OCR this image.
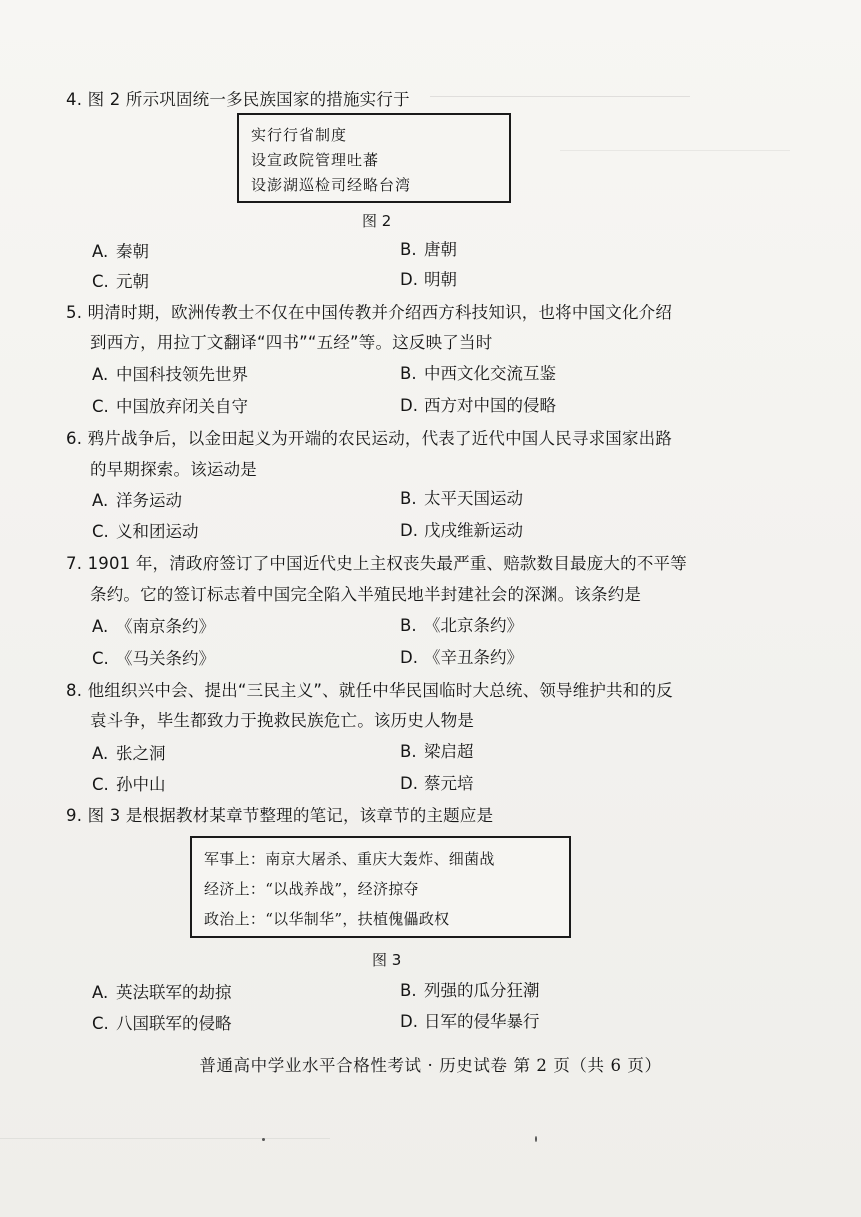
4. 图 2 所示巩固统一多民族国家的措施实行于
实行行省制度
设宣政院管理吐蕃
设澎湖巡检司经略台湾
图 2
A. 秦朝	B. 唐朝
C. 元朝	D. 明朝
5. 明清时期，欧洲传教士不仅在中国传教并介绍西方科技知识，也将中国文化介绍
到西方，用拉丁文翻译“四书”“五经”等。这反映了当时
A. 中国科技领先世界	B. 中西文化交流互鉴
C. 中国放弃闭关自守	D. 西方对中国的侵略
6. 鸦片战争后，以金田起义为开端的农民运动，代表了近代中国人民寻求国家出路
的早期探索。该运动是
A. 洋务运动	B. 太平天国运动
C. 义和团运动	D. 戊戌维新运动
7. 1901 年，清政府签订了中国近代史上主权丧失最严重、赔款数目最庞大的不平等
条约。它的签订标志着中国完全陷入半殖民地半封建社会的深渊。该条约是
A. 《南京条约》	B. 《北京条约》
C. 《马关条约》	D. 《辛丑条约》
8. 他组织兴中会、提出“三民主义”、就任中华民国临时大总统、领导维护共和的反
袁斗争，毕生都致力于挽救民族危亡。该历史人物是
A. 张之洞	B. 梁启超
C. 孙中山	D. 蔡元培
9. 图 3 是根据教材某章节整理的笔记，该章节的主题应是
军事上：南京大屠杀、重庆大轰炸、细菌战
经济上：“以战养战”，经济掠夺
政治上：“以华制华”，扶植傀儡政权
图 3
A. 英法联军的劫掠	B. 列强的瓜分狂潮
C. 八国联军的侵略	D. 日军的侵华暴行
普通高中学业水平合格性考试 · 历史试卷 第 2 页（共 6 页）
